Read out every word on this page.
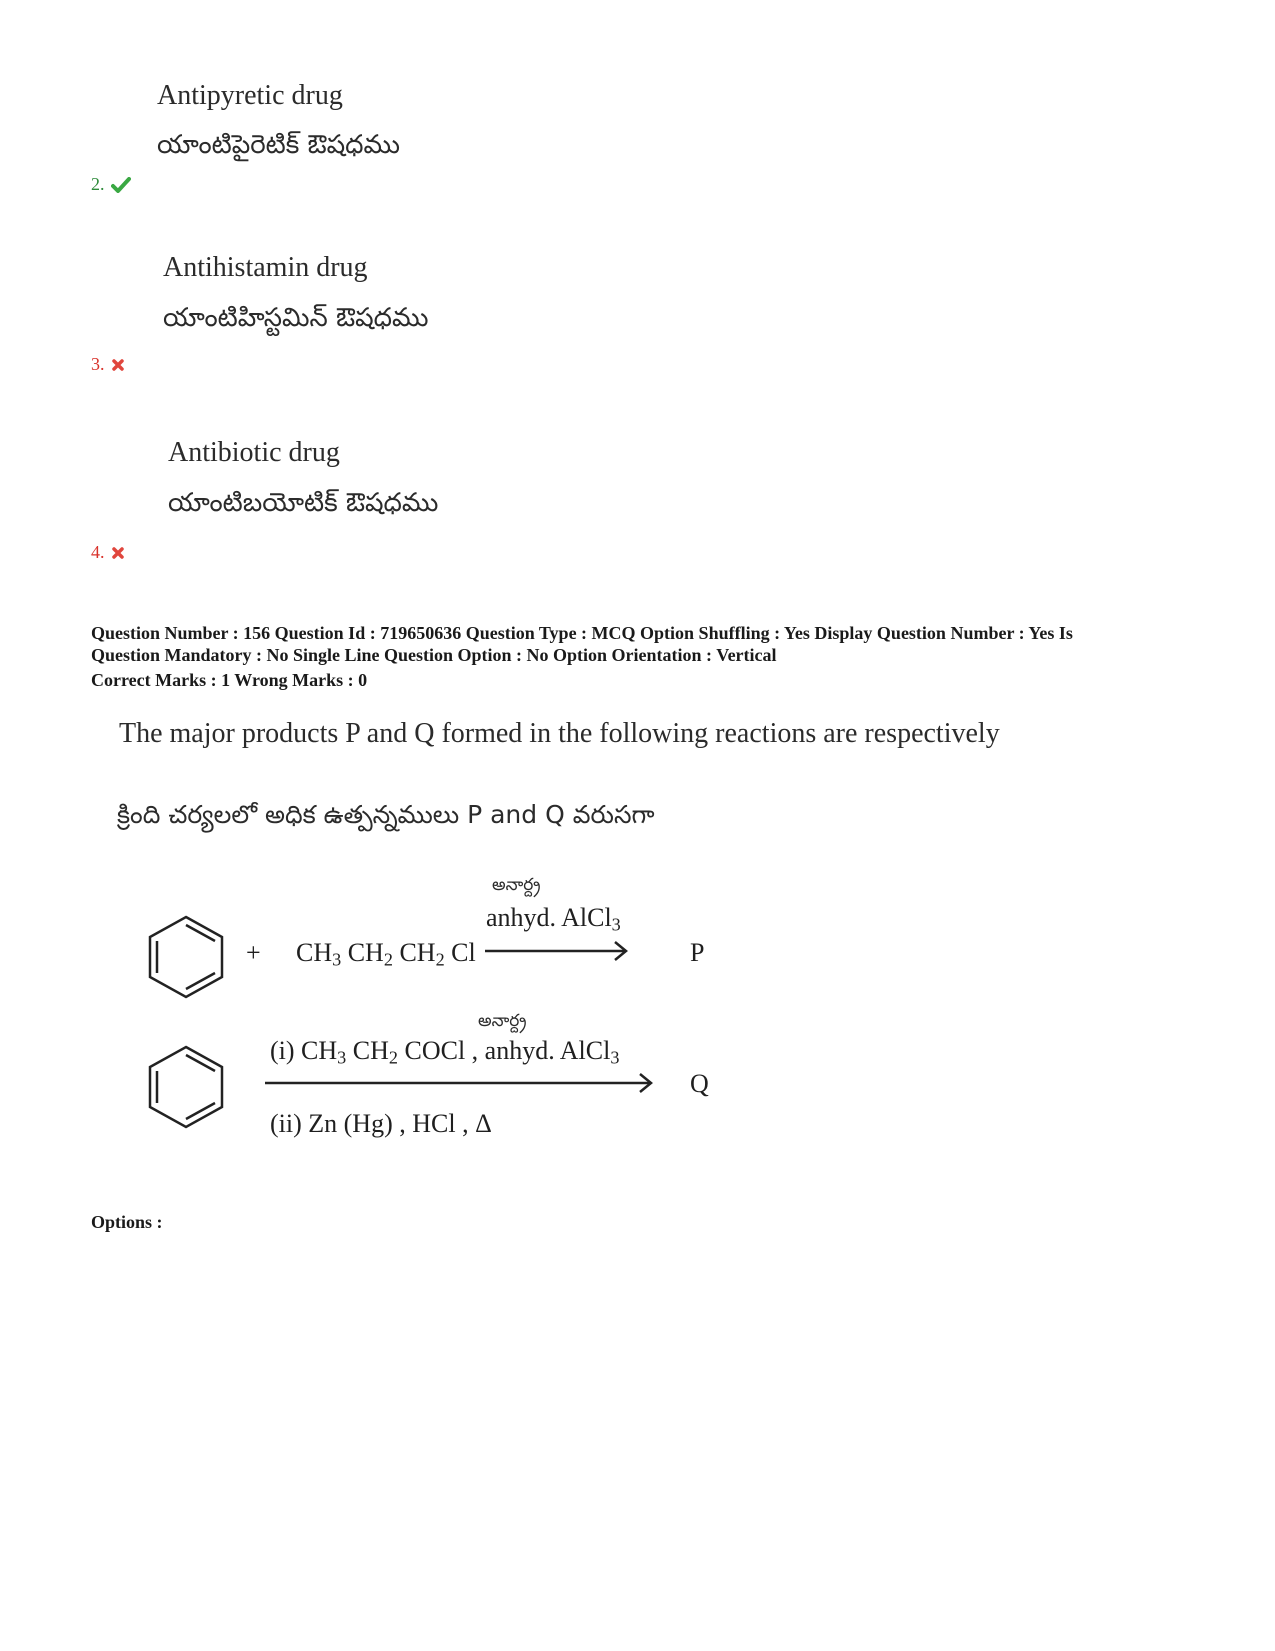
Antipyretic drug
యాంటిపైరెటిక్ ఔషధము
2.
Antihistamin drug
యాంటిహిస్టమిన్ ఔషధము
3.
Antibiotic drug
యాంటిబయోటిక్ ఔషధము
4.
Question Number : 156 Question Id : 719650636 Question Type : MCQ Option Shuffling : Yes Display Question Number : Yes Is
Question Mandatory : No Single Line Question Option : No Option Orientation : Vertical
Correct Marks : 1 Wrong Marks : 0
The major products P and Q formed in the following reactions are respectively
క్రింది చర్యలలో అధిక ఉత్పన్నములు P and Q వరుసగా
+ $CH_3$ $CH_2$ $CH_2$ Cl
అనార్ద్ర
anhyd. AlCl$_3$
P
అనార్ద్ర
(i) $CH_3$ $CH_2$ COCl , anhyd. AlCl$_3$
(ii) Zn (Hg) , HCl , Δ
Q
Options :
